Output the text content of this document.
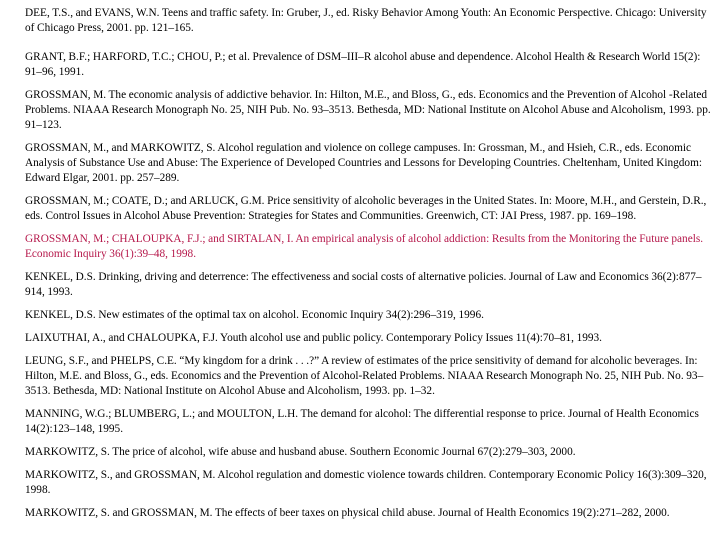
DEE, T.S., and EVANS, W.N. Teens and traffic safety. In: Gruber, J., ed. Risky Behavior Among Youth: An Economic Perspective. Chicago: University of Chicago Press, 2001. pp. 121–165.

GRANT, B.F.; HARFORD, T.C.; CHOU, P.; et al. Prevalence of DSM–III–R alcohol abuse and dependence. Alcohol Health & Research World 15(2): 91–96, 1991.

GROSSMAN, M. The economic analysis of addictive behavior. In: Hilton, M.E., and Bloss, G., eds. Economics and the Prevention of Alcohol -Related Problems. NIAAA Research Monograph No. 25, NIH Pub. No. 93–3513. Bethesda, MD: National Institute on Alcohol Abuse and Alcoholism, 1993. pp. 91–123.

GROSSMAN, M., and MARKOWITZ, S. Alcohol regulation and violence on college campuses. In: Grossman, M., and Hsieh, C.R., eds. Economic Analysis of Substance Use and Abuse: The Experience of Developed Countries and Lessons for Developing Countries. Cheltenham, United Kingdom: Edward Elgar, 2001. pp. 257–289.

GROSSMAN, M.; COATE, D.; and ARLUCK, G.M. Price sensitivity of alcoholic beverages in the United States. In: Moore, M.H., and Gerstein, D.R., eds. Control Issues in Alcohol Abuse Prevention: Strategies for States and Communities. Greenwich, CT: JAI Press, 1987. pp. 169–198.

GROSSMAN, M.; CHALOUPKA, F.J.; and SIRTALAN, I. An empirical analysis of alcohol addiction: Results from the Monitoring the Future panels. Economic Inquiry 36(1):39–48, 1998.

KENKEL, D.S. Drinking, driving and deterrence: The effectiveness and social costs of alternative policies. Journal of Law and Economics 36(2):877–914, 1993.

KENKEL, D.S. New estimates of the optimal tax on alcohol. Economic Inquiry 34(2):296–319, 1996.

LAIXUTHAI, A., and CHALOUPKA, F.J. Youth alcohol use and public policy. Contemporary Policy Issues 11(4):70–81, 1993.

LEUNG, S.F., and PHELPS, C.E. “My kingdom for a drink . . .?” A review of estimates of the price sensitivity of demand for alcoholic beverages. In: Hilton, M.E. and Bloss, G., eds. Economics and the Prevention of Alcohol-Related Problems. NIAAA Research Monograph No. 25, NIH Pub. No. 93–3513. Bethesda, MD: National Institute on Alcohol Abuse and Alcoholism, 1993. pp. 1–32.

MANNING, W.G.; BLUMBERG, L.; and MOULTON, L.H. The demand for alcohol: The differential response to price. Journal of Health Economics 14(2):123–148, 1995.

MARKOWITZ, S. The price of alcohol, wife abuse and husband abuse. Southern Economic Journal 67(2):279–303, 2000.

MARKOWITZ, S., and GROSSMAN, M. Alcohol regulation and domestic violence towards children. Contemporary Economic Policy 16(3):309–320, 1998.

MARKOWITZ, S. and GROSSMAN, M. The effects of beer taxes on physical child abuse. Journal of Health Economics 19(2):271–282, 2000.
